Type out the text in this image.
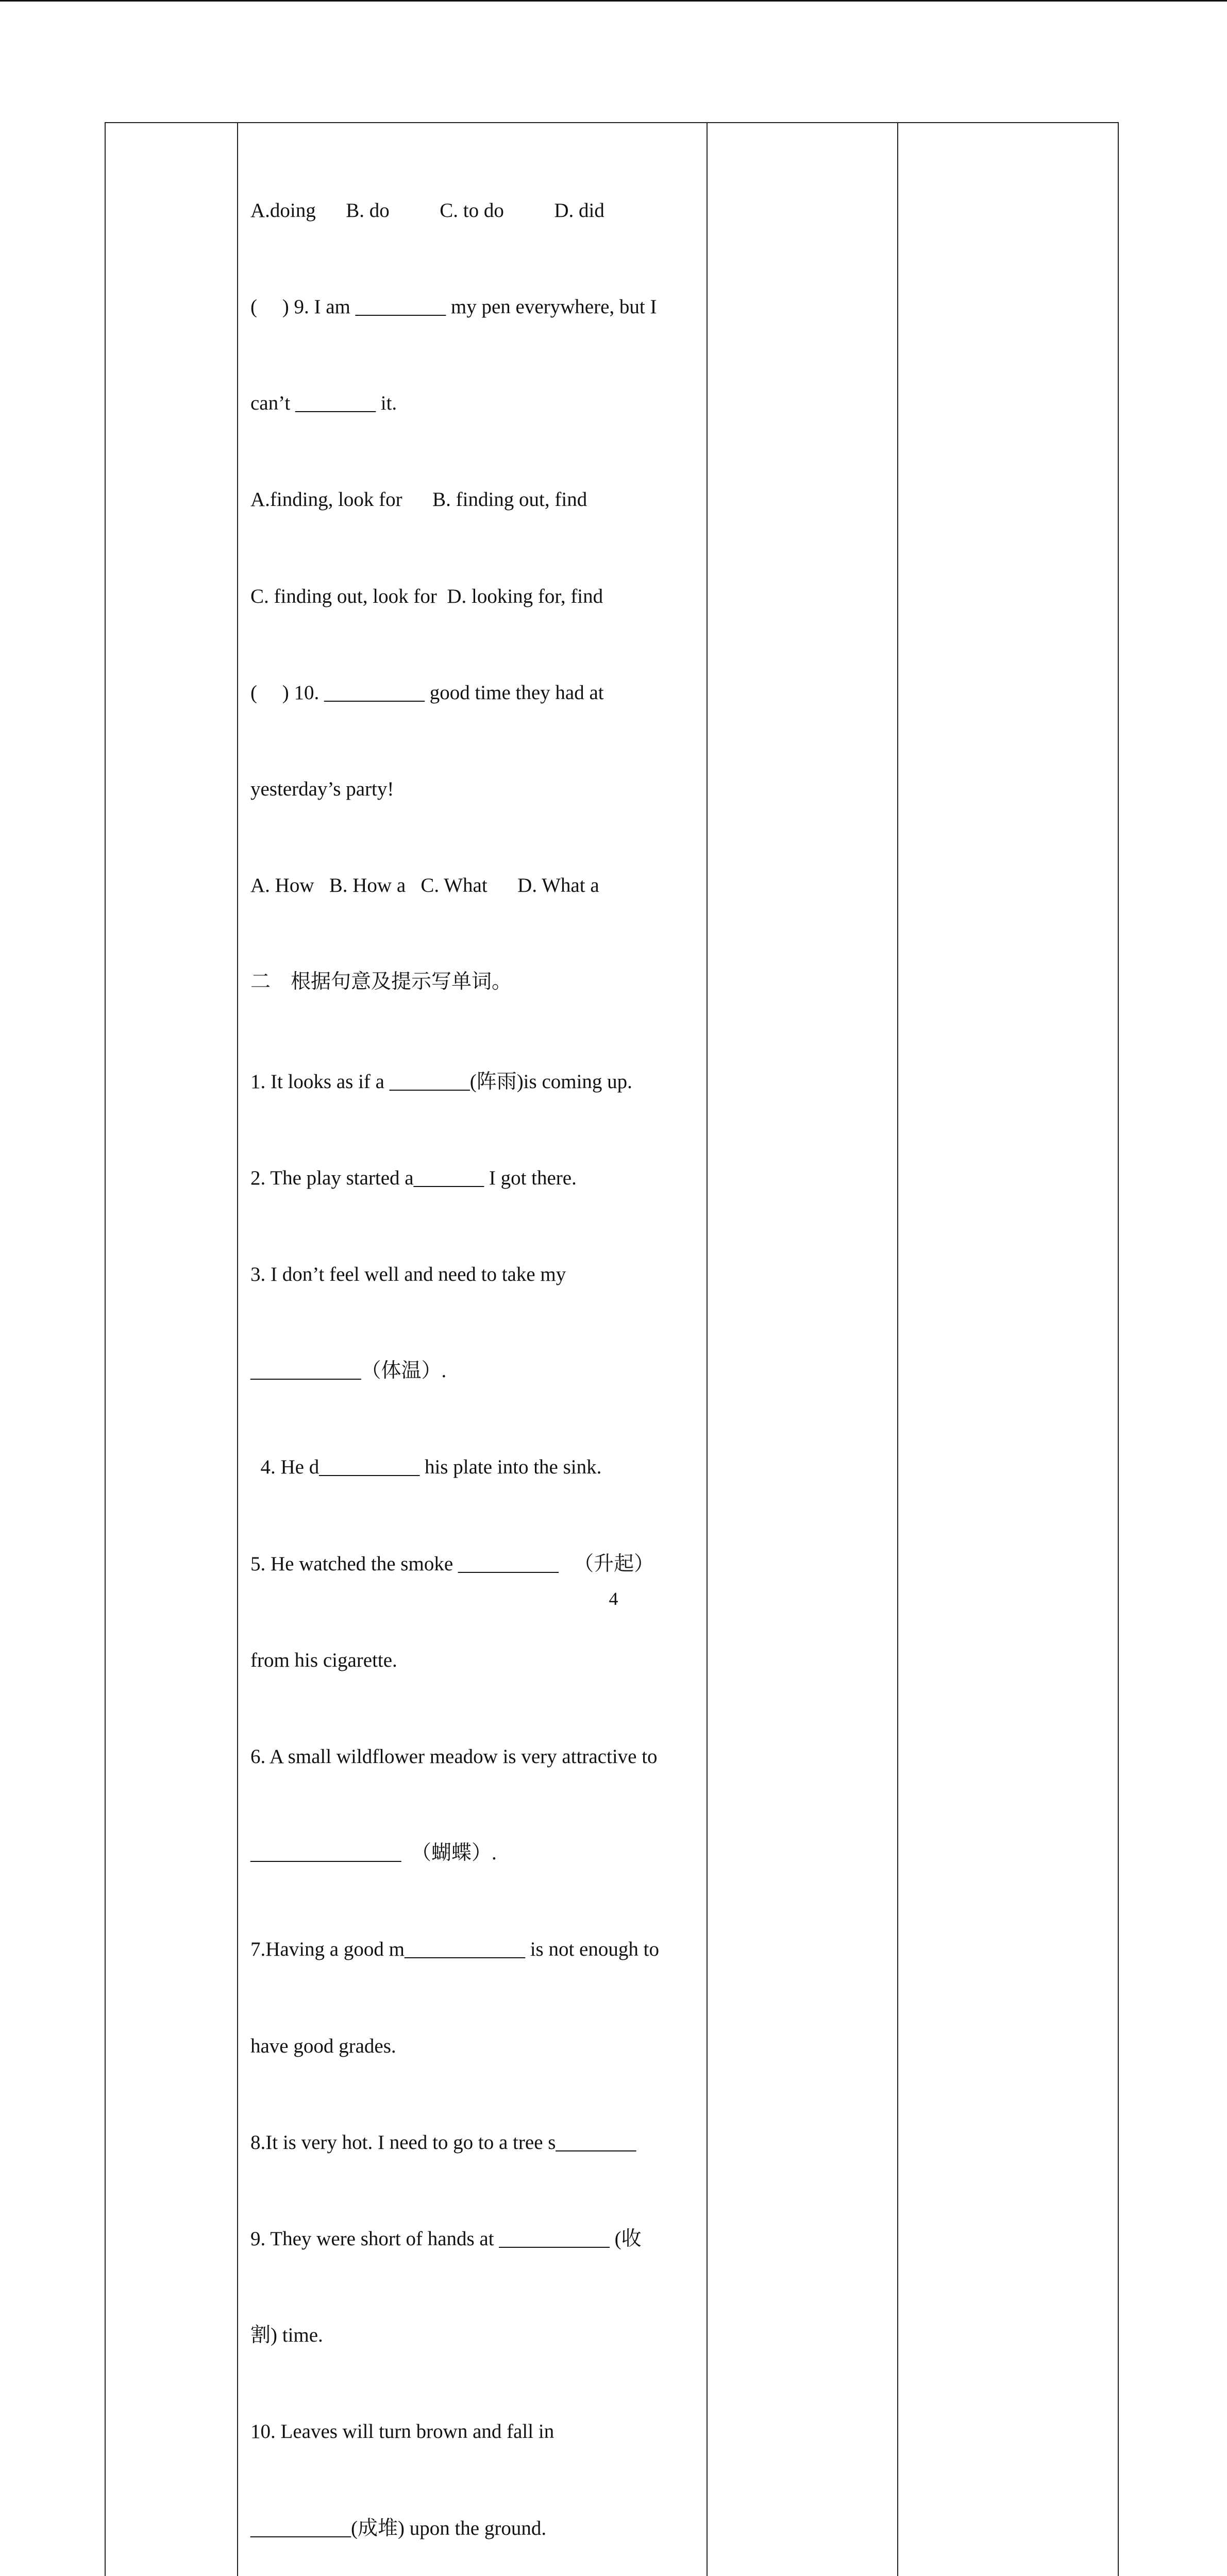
A.doing      B. do          C. to do          D. did

(     ) 9. I am _________ my pen everywhere, but I

can’t ________ it.

A.finding, look for      B. finding out, find

C. finding out, look for  D. looking for, find

(     ) 10. __________ good time they had at

yesterday’s party!

A. How   B. How a   C. What      D. What a

二    根据句意及提示写单词。

1. It looks as if a ________(阵雨)is coming up.

2. The play started a_______ I got there.

3. I don’t feel well and need to take my

___________（体温）.

4. He d__________ his plate into the sink.

5. He watched the smoke __________   （升起）

from his cigarette.

6. A small wildflower meadow is very attractive to

_______________  （蝴蝶）.

7.Having a good m____________ is not enough to

have good grades.

8.It is very hot. I need to go to a tree s________

9. They were short of hands at ___________ (收

割) time.

10. Leaves will turn brown and fall in

__________(成堆) upon the ground.

4
